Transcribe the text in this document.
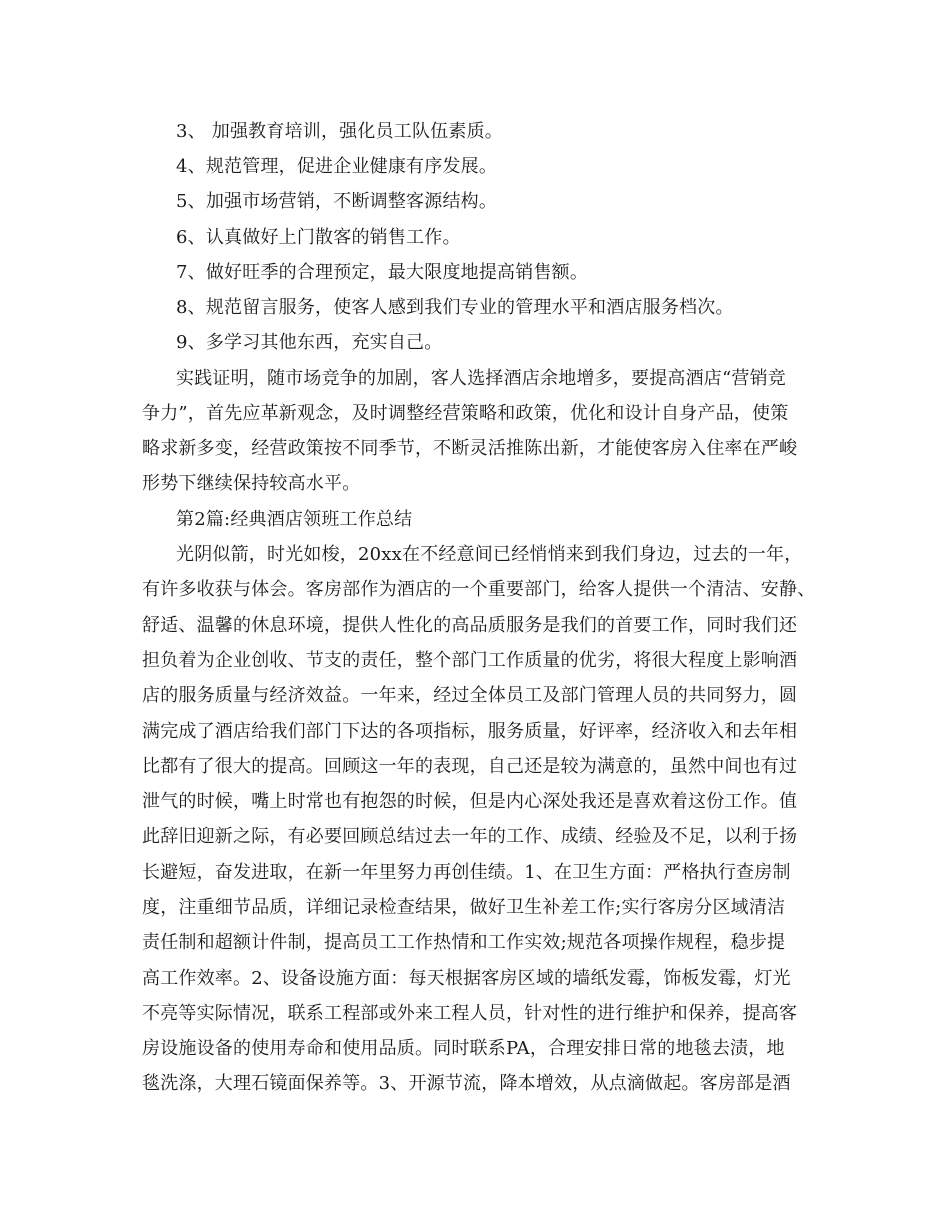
3、 加强教育培训，强化员工队伍素质。
4、规范管理，促进企业健康有序发展。
5、加强市场营销，不断调整客源结构。
6、认真做好上门散客的销售工作。
7、做好旺季的合理预定，最大限度地提高销售额。
8、规范留言服务，使客人感到我们专业的管理水平和酒店服务档次。
9、多学习其他东西，充实自己。
实践证明，随市场竞争的加剧，客人选择酒店余地增多，要提高酒店“营销竞
争力”，首先应革新观念，及时调整经营策略和政策，优化和设计自身产品，使策
略求新多变，经营政策按不同季节，不断灵活推陈出新，才能使客房入住率在严峻
形势下继续保持较高水平。
第2篇:经典酒店领班工作总结
光阴似箭，时光如梭，20xx在不经意间已经悄悄来到我们身边，过去的一年，
有许多收获与体会。客房部作为酒店的一个重要部门，给客人提供一个清洁、安静、
舒适、温馨的休息环境，提供人性化的高品质服务是我们的首要工作，同时我们还
担负着为企业创收、节支的责任，整个部门工作质量的优劣，将很大程度上影响酒
店的服务质量与经济效益。一年来，经过全体员工及部门管理人员的共同努力，圆
满完成了酒店给我们部门下达的各项指标，服务质量，好评率，经济收入和去年相
比都有了很大的提高。回顾这一年的表现，自己还是较为满意的，虽然中间也有过
泄气的时候，嘴上时常也有抱怨的时候，但是内心深处我还是喜欢着这份工作。值
此辞旧迎新之际，有必要回顾总结过去一年的工作、成绩、经验及不足，以利于扬
长避短，奋发进取，在新一年里努力再创佳绩。1、在卫生方面：严格执行查房制
度，注重细节品质，详细记录检查结果，做好卫生补差工作;实行客房分区域清洁
责任制和超额计件制，提高员工工作热情和工作实效;规范各项操作规程，稳步提
高工作效率。2、设备设施方面：每天根据客房区域的墙纸发霉，饰板发霉，灯光
不亮等实际情况，联系工程部或外来工程人员，针对性的进行维护和保养，提高客
房设施设备的使用寿命和使用品质。同时联系PA，合理安排日常的地毯去渍，地
毯洗涤，大理石镜面保养等。3、开源节流，降本增效，从点滴做起。客房部是酒
